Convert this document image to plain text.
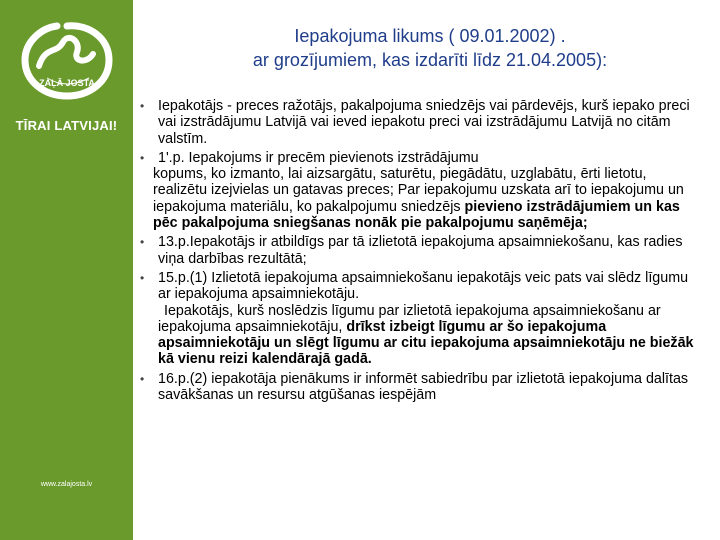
ZAĻĀ JOSTA
TĪRAI LATVIJAI!
www.zalajosta.lv
Iepakojuma likums ( 09.01.2002) .
ar grozījumiem, kas izdarīti līdz 21.04.2005):
• Iepakotājs - preces ražotājs, pakalpojuma sniedzējs vai pārdevējs, kurš iepako preci vai izstrādājumu Latvijā vai ieved iepakotu preci vai izstrādājumu Latvijā no citām valstīm.
• 1'.p. Iepakojums ir precēm pievienots izstrādājumu
kopums, ko izmanto, lai aizsargātu, saturētu, piegādātu, uzglabātu, ērti lietotu, realizētu izejvielas un gatavas preces; Par iepakojumu uzskata arī to iepakojumu un iepakojuma materiālu, ko pakalpojumu sniedzējs pievieno izstrādājumiem un kas pēc pakalpojuma sniegšanas nonāk pie pakalpojumu saņēmēja;
• 13.p.Iepakotājs ir atbildīgs par tā izlietotā iepakojuma apsaimniekošanu, kas radies viņa darbības rezultātā;
• 15.p.(1) Izlietotā iepakojuma apsaimniekošanu iepakotājs veic pats vai slēdz līgumu ar iepakojuma apsaimniekotāju.
Iepakotājs, kurš noslēdzis līgumu par izlietotā iepakojuma apsaimniekošanu ar iepakojuma apsaimniekotāju, drīkst izbeigt līgumu ar šo iepakojuma apsaimniekotāju un slēgt līgumu ar citu iepakojuma apsaimniekotāju ne biežāk kā vienu reizi kalendārajā gadā.
• 16.p.(2) iepakotāja pienākums ir informēt sabiedrību par izlietotā iepakojuma dalītas savākšanas un resursu atgūšanas iespējām
